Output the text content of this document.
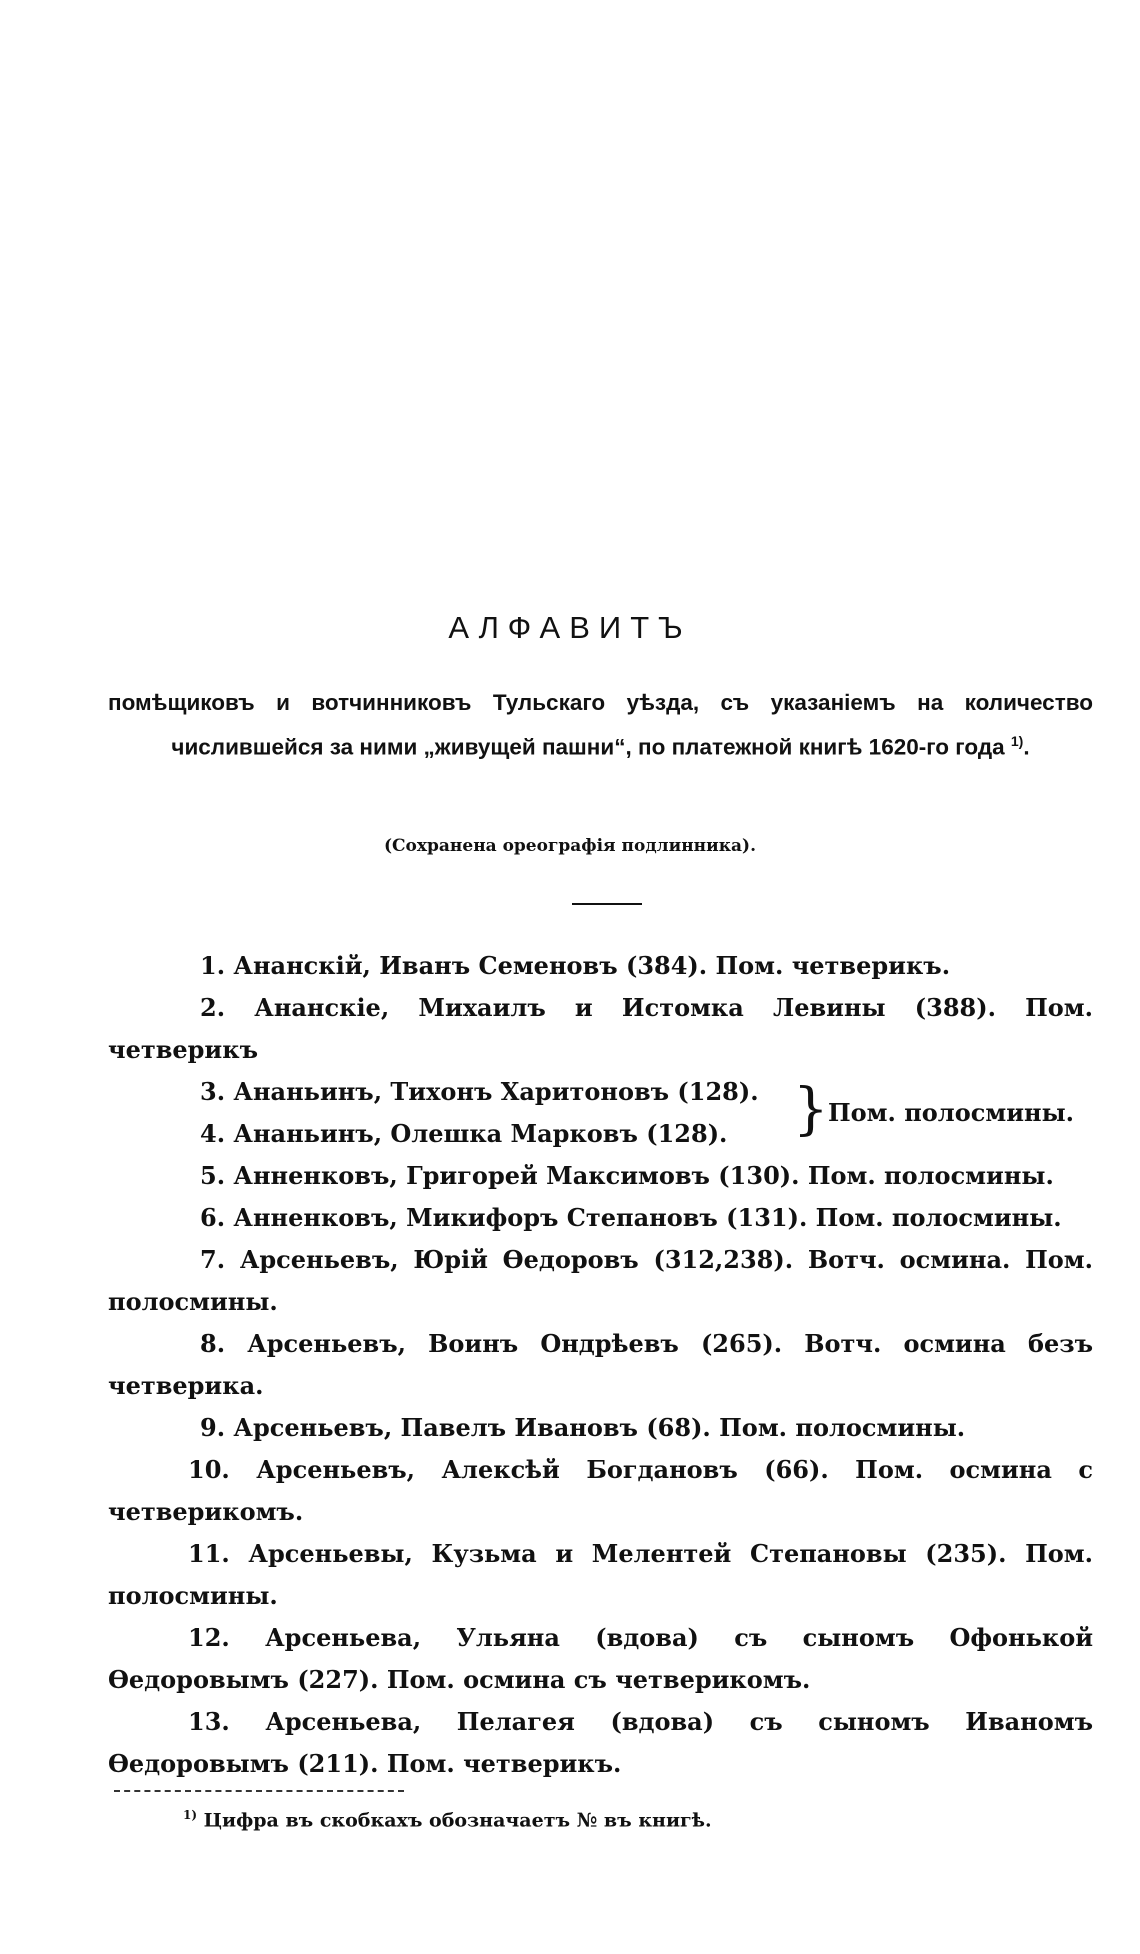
АЛФАВИТЪ
помѣщиковъ и вотчинниковъ Тульскаго уѣзда, съ указаніемъ на количество числившейся за ними „живущей пашни“, по платежной книгѣ 1620-го года $^{1)}$.
(Сохранена ореографія подлинника).
1. Ананскій, Иванъ Семеновъ (384). Пом. четверикъ.
2. Ананскіе, Михаилъ и Истомка Левины (388). Пом. четверикъ
3. Ананьинъ, Тихонъ Харитоновъ (128).
4. Ананьинъ, Олешка Марковъ (128).	} Пом. полосмины.
5. Анненковъ, Григорей Максимовъ (130). Пом. полосмины.
6. Анненковъ, Микифоръ Степановъ (131). Пом. полосмины.
7. Арсеньевъ, Юрій Өедоровъ (312,238). Вотч. осмина. Пом. полосмины.
8. Арсеньевъ, Воинъ Ондрѣевъ (265). Вотч. осмина безъ четверика.
9. Арсеньевъ, Павелъ Ивановъ (68). Пом. полосмины.
10. Арсеньевъ, Алексѣй Богдановъ (66). Пом. осмина с четверикомъ.
11. Арсеньевы, Кузьма и Мелентей Степановы (235). Пом. полосмины.
12. Арсеньева, Ульяна (вдова) съ сыномъ Офонькой Өедоровымъ (227). Пом. осмина съ четверикомъ.
13. Арсеньева, Пелагея (вдова) съ сыномъ Иваномъ Өедоровымъ (211). Пом. четверикъ.
$^{1)}$ Цифра въ скобкахъ обозначаетъ № въ книгѣ.
